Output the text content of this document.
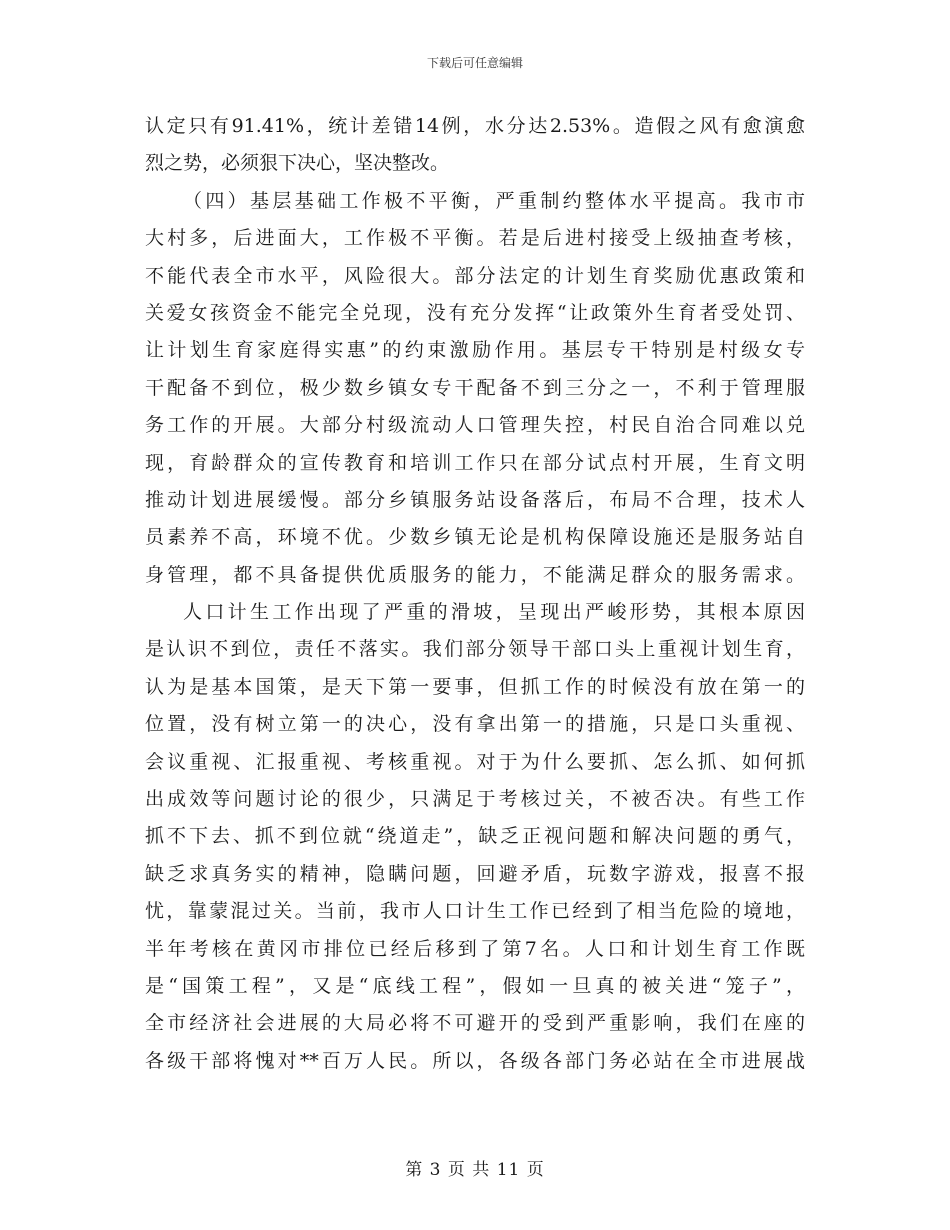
下载后可任意编辑
认定只有91.41%，统计差错14例，水分达2.53%。造假之风有愈演愈
烈之势，必须狠下决心，坚决整改。
（四）基层基础工作极不平衡，严重制约整体水平提高。我市市
大村多，后进面大，工作极不平衡。若是后进村接受上级抽查考核，
不能代表全市水平，风险很大。部分法定的计划生育奖励优惠政策和
关爱女孩资金不能完全兑现，没有充分发挥“让政策外生育者受处罚、
让计划生育家庭得实惠”的约束激励作用。基层专干特别是村级女专
干配备不到位，极少数乡镇女专干配备不到三分之一，不利于管理服
务工作的开展。大部分村级流动人口管理失控，村民自治合同难以兑
现，育龄群众的宣传教育和培训工作只在部分试点村开展，生育文明
推动计划进展缓慢。部分乡镇服务站设备落后，布局不合理，技术人
员素养不高，环境不优。少数乡镇无论是机构保障设施还是服务站自
身管理，都不具备提供优质服务的能力，不能满足群众的服务需求。
人口计生工作出现了严重的滑坡，呈现出严峻形势，其根本原因
是认识不到位，责任不落实。我们部分领导干部口头上重视计划生育，
认为是基本国策，是天下第一要事，但抓工作的时候没有放在第一的
位置，没有树立第一的决心，没有拿出第一的措施，只是口头重视、
会议重视、汇报重视、考核重视。对于为什么要抓、怎么抓、如何抓
出成效等问题讨论的很少，只满足于考核过关，不被否决。有些工作
抓不下去、抓不到位就“绕道走”，缺乏正视问题和解决问题的勇气，
缺乏求真务实的精神，隐瞒问题，回避矛盾，玩数字游戏，报喜不报
忧，靠蒙混过关。当前，我市人口计生工作已经到了相当危险的境地，
半年考核在黄冈市排位已经后移到了第7名。人口和计划生育工作既
是“国策工程”，又是“底线工程”，假如一旦真的被关进“笼子”，
全市经济社会进展的大局必将不可避开的受到严重影响，我们在座的
各级干部将愧对**百万人民。所以，各级各部门务必站在全市进展战
第 3 页 共 11 页
